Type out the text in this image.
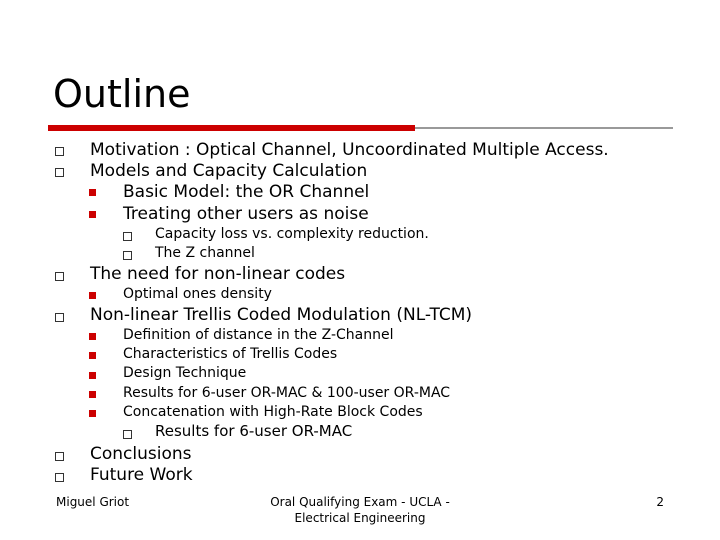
Outline
Motivation : Optical Channel, Uncoordinated Multiple Access.
Models and Capacity Calculation
Basic Model: the OR Channel
Treating other users as noise
Capacity loss vs. complexity reduction.
The Z channel
The need for non-linear codes
Optimal ones density
Non-linear Trellis Coded Modulation (NL-TCM)
Definition of distance in the Z-Channel
Characteristics of Trellis Codes
Design Technique
Results for 6-user OR-MAC & 100-user OR-MAC
Concatenation with High-Rate Block Codes
Results for 6-user OR-MAC
Conclusions
Future Work
Miguel Griot	Oral Qualifying Exam - UCLA -
Electrical Engineering
2
